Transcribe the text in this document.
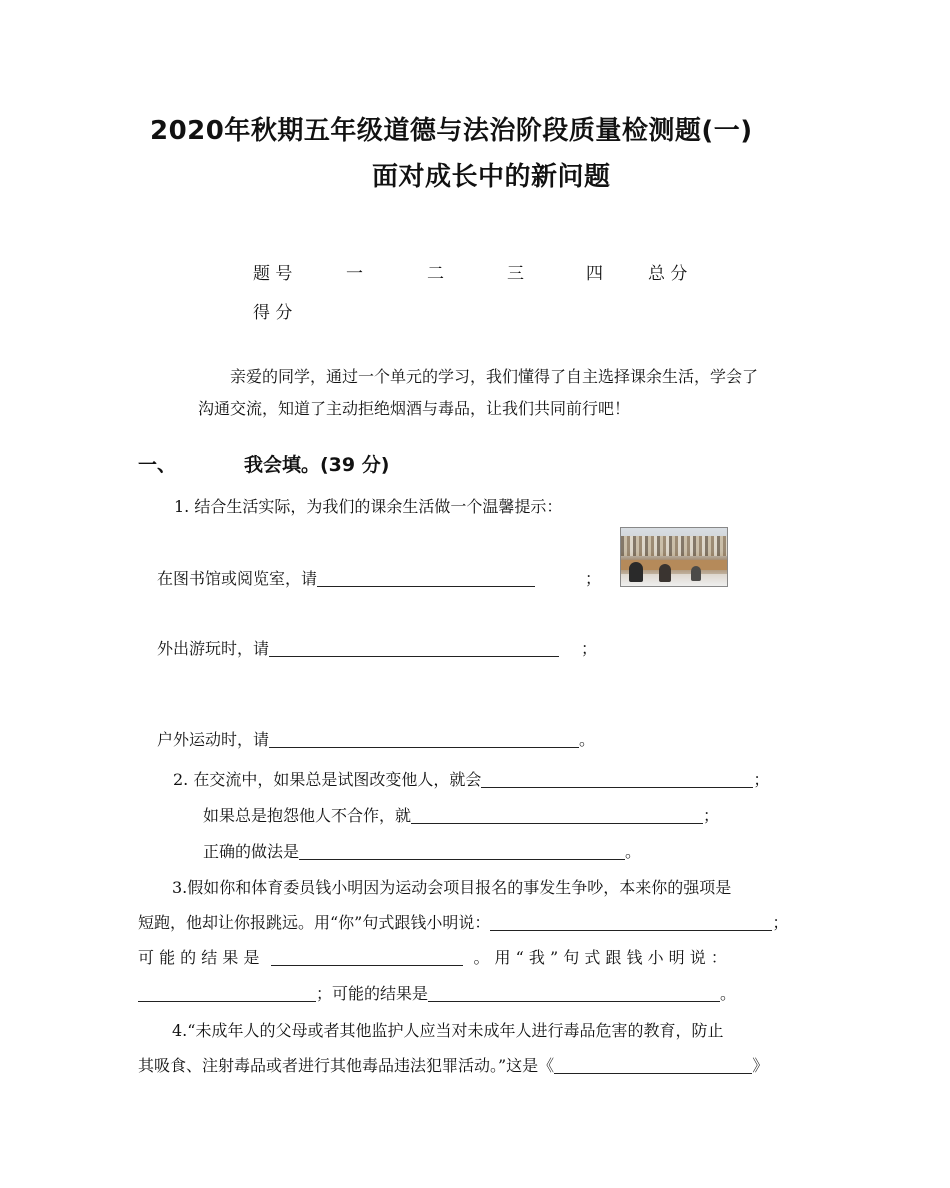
2020年秋期五年级道德与法治阶段质量检测题(一)
面对成长中的新问题
题 号	一	二	三	四	总 分
得 分
亲爱的同学，通过一个单元的学习，我们懂得了自主选择课余生活，学会了
沟通交流，知道了主动拒绝烟酒与毒品，让我们共同前行吧！
一、	我会填。(39 分)
1. 结合生活实际，为我们的课余生活做一个温馨提示：
在图书馆或阅览室，请	；
外出游玩时，请	；
户外运动时，请	。
2. 在交流中，如果总是试图改变他人，就会	；
如果总是抱怨他人不合作，就	；
正确的做法是	。
3.假如你和体育委员钱小明因为运动会项目报名的事发生争吵，本来你的强项是
短跑，他却让你报跳远。用“你”句式跟钱小明说：	；
可 能 的 结 果 是	。 用 “ 我 ” 句 式 跟 钱 小 明 说 ：
；可能的结果是	。
4.“未成年人的父母或者其他监护人应当对未成年人进行毒品危害的教育，防止
其吸食、注射毒品或者进行其他毒品违法犯罪活动。”这是《	》
